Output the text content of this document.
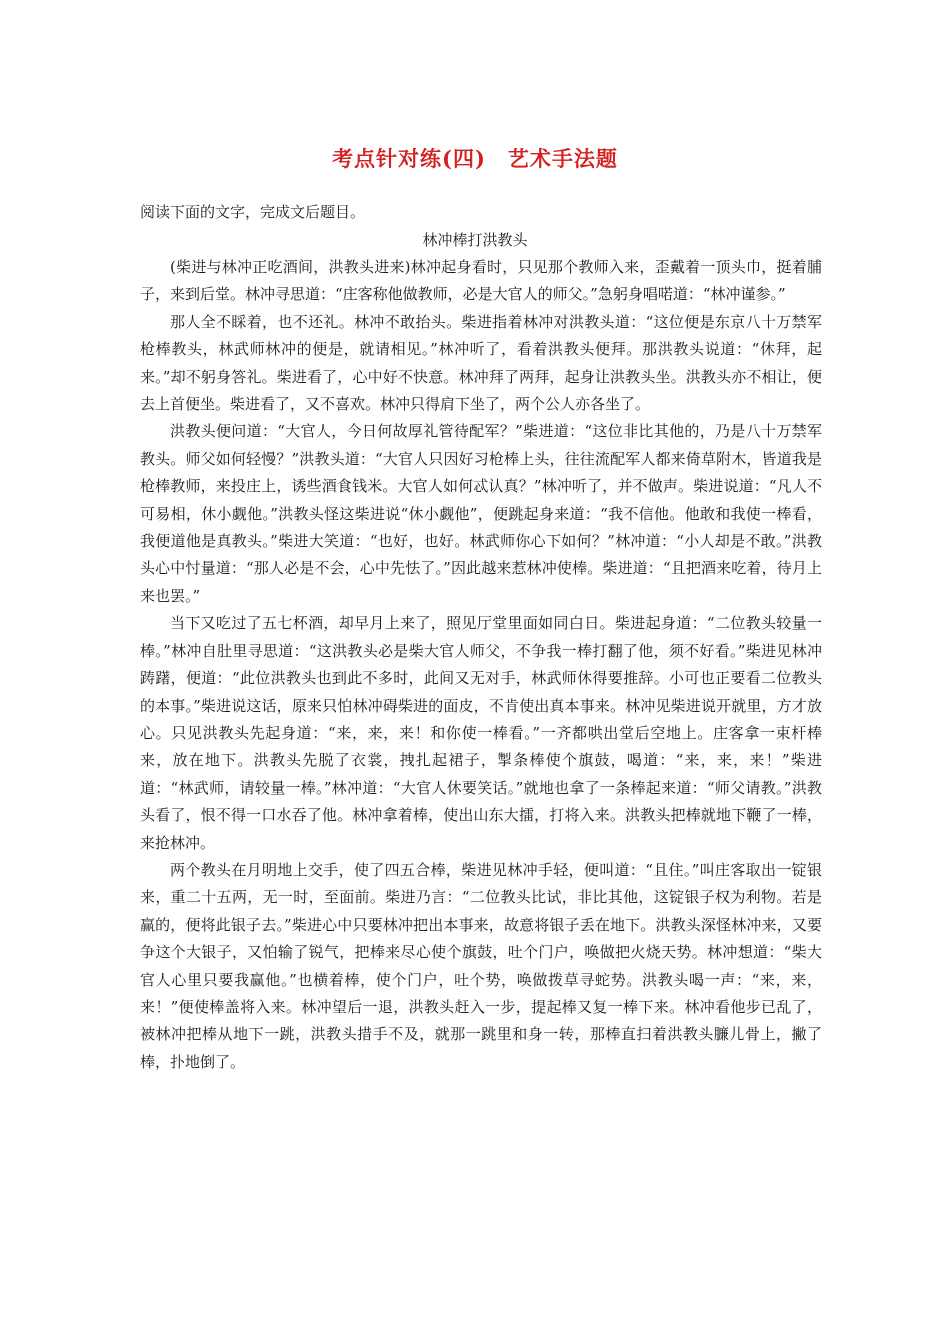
考点针对练(四)　艺术手法题
阅读下面的文字，完成文后题目。
林冲棒打洪教头

(柴进与林冲正吃酒间，洪教头进来)林冲起身看时，只见那个教师入来，歪戴着一顶头巾，挺着脯子，来到后堂。林冲寻思道：“庄客称他做教师，必是大官人的师父。”急躬身唱喏道：“林冲谨参。”

那人全不睬着，也不还礼。林冲不敢抬头。柴进指着林冲对洪教头道：“这位便是东京八十万禁军枪棒教头，林武师林冲的便是，就请相见。”林冲听了，看着洪教头便拜。那洪教头说道：“休拜，起来。”却不躬身答礼。柴进看了，心中好不快意。林冲拜了两拜，起身让洪教头坐。洪教头亦不相让，便去上首便坐。柴进看了，又不喜欢。林冲只得肩下坐了，两个公人亦各坐了。

洪教头便问道：“大官人，今日何故厚礼管待配军？”柴进道：“这位非比其他的，乃是八十万禁军教头。师父如何轻慢？”洪教头道：“大官人只因好习枪棒上头，往往流配军人都来倚草附木，皆道我是枪棒教师，来投庄上，诱些酒食钱米。大官人如何忒认真？”林冲听了，并不做声。柴进说道：“凡人不可易相，休小觑他。”洪教头怪这柴进说“休小觑他”，便跳起身来道：“我不信他。他敢和我使一棒看，我便道他是真教头。”柴进大笑道：“也好，也好。林武师你心下如何？”林冲道：“小人却是不敢。”洪教头心中忖量道：“那人必是不会，心中先怯了。”因此越来惹林冲使棒。柴进道：“且把酒来吃着，待月上来也罢。”

当下又吃过了五七杯酒，却早月上来了，照见厅堂里面如同白日。柴进起身道：“二位教头较量一棒。”林冲自肚里寻思道：“这洪教头必是柴大官人师父，不争我一棒打翻了他，须不好看。”柴进见林冲踌躇，便道：“此位洪教头也到此不多时，此间又无对手，林武师休得要推辞。小可也正要看二位教头的本事。”柴进说这话，原来只怕林冲碍柴进的面皮，不肯使出真本事来。林冲见柴进说开就里，方才放心。只见洪教头先起身道：“来，来，来！和你使一棒看。”一齐都哄出堂后空地上。庄客拿一束杆棒来，放在地下。洪教头先脱了衣裳，拽扎起裙子，掣条棒使个旗鼓，喝道：“来，来，来！”柴进道：“林武师，请较量一棒。”林冲道：“大官人休要笑话。”就地也拿了一条棒起来道：“师父请教。”洪教头看了，恨不得一口水吞了他。林冲拿着棒，使出山东大擂，打将入来。洪教头把棒就地下鞭了一棒，来抢林冲。

两个教头在月明地上交手，使了四五合棒，柴进见林冲手轻，便叫道：“且住。”叫庄客取出一锭银来，重二十五两，无一时，至面前。柴进乃言：“二位教头比试，非比其他，这锭银子权为利物。若是赢的，便将此银子去。”柴进心中只要林冲把出本事来，故意将银子丢在地下。洪教头深怪林冲来，又要争这个大银子，又怕输了锐气，把棒来尽心使个旗鼓，吐个门户，唤做把火烧天势。林冲想道：“柴大官人心里只要我赢他。”也横着棒，使个门户，吐个势，唤做拨草寻蛇势。洪教头喝一声：“来，来，来！”便使棒盖将入来。林冲望后一退，洪教头赶入一步，提起棒又复一棒下来。林冲看他步已乱了，被林冲把棒从地下一跳，洪教头措手不及，就那一跳里和身一转，那棒直扫着洪教头臁儿骨上，撇了棒，扑地倒了。
